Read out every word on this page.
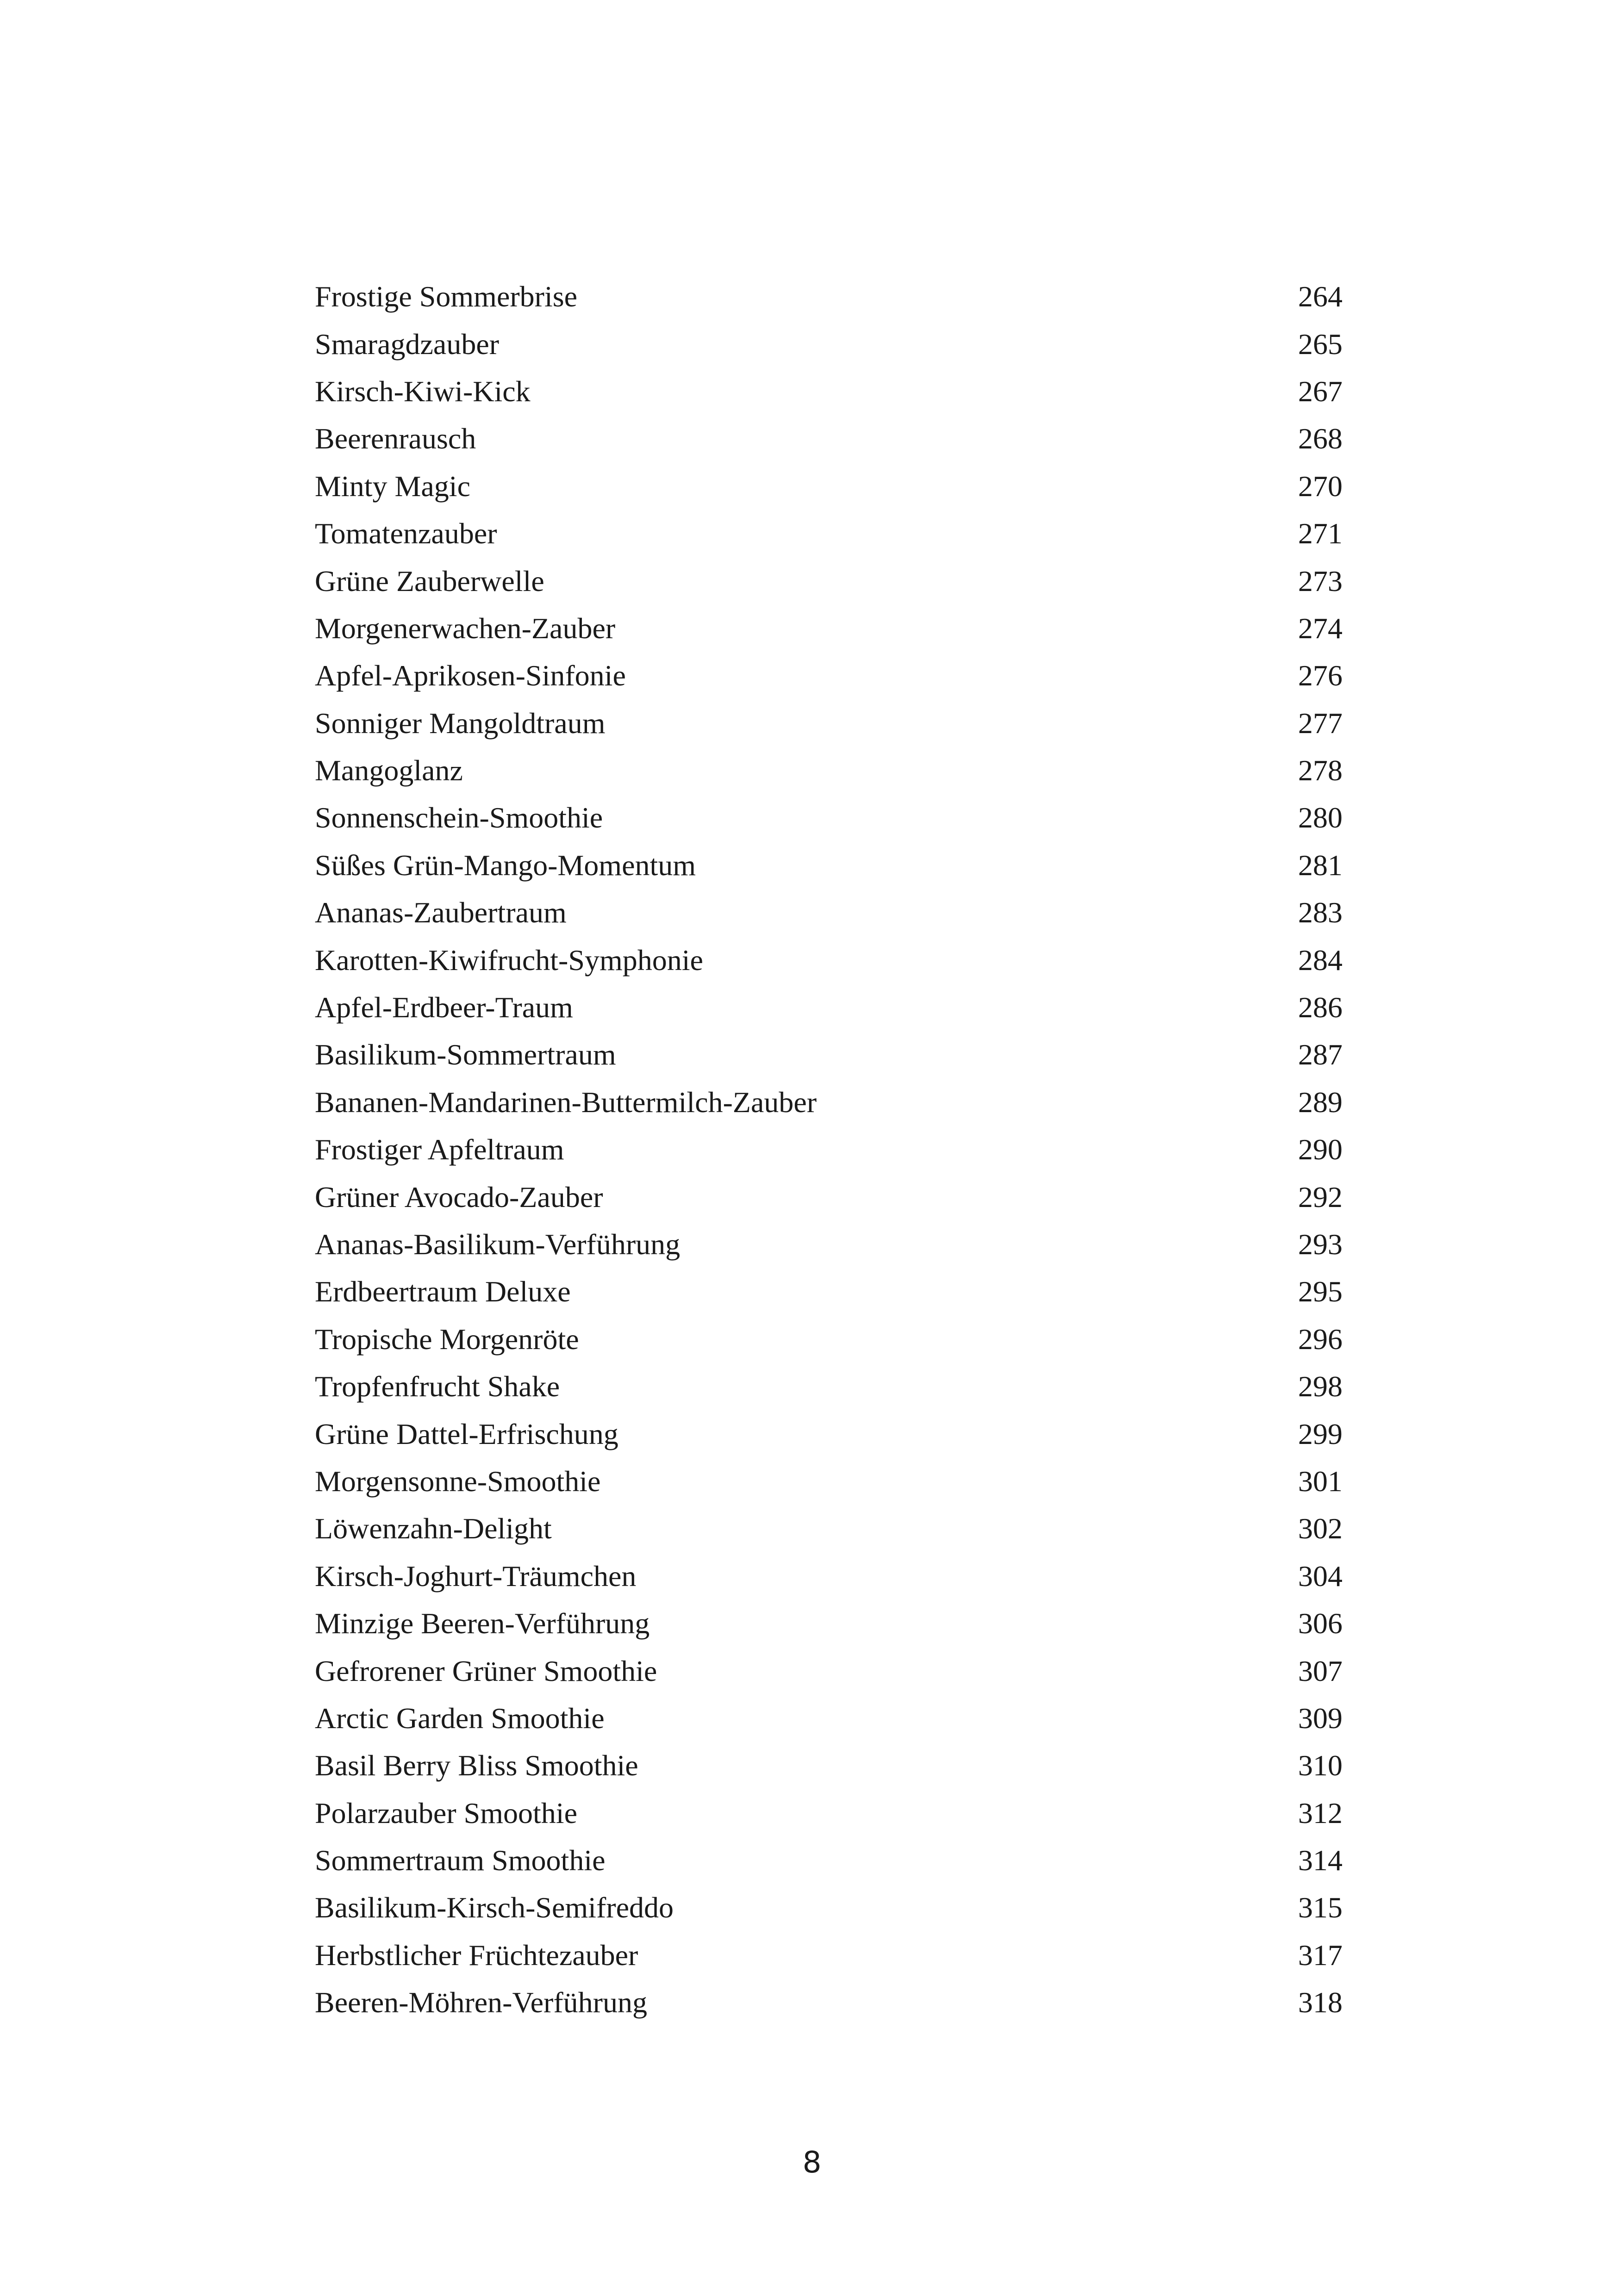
Frostige Sommerbrise	264
Smaragdzauber	265
Kirsch-Kiwi-Kick	267
Beerenrausch	268
Minty Magic	270
Tomatenzauber	271
Grüne Zauberwelle	273
Morgenerwachen-Zauber	274
Apfel-Aprikosen-Sinfonie	276
Sonniger Mangoldtraum	277
Mangoglanz	278
Sonnenschein-Smoothie	280
Süßes Grün-Mango-Momentum	281
Ananas-Zaubertraum	283
Karotten-Kiwifrucht-Symphonie	284
Apfel-Erdbeer-Traum	286
Basilikum-Sommertraum	287
Bananen-Mandarinen-Buttermilch-Zauber	289
Frostiger Apfeltraum	290
Grüner Avocado-Zauber	292
Ananas-Basilikum-Verführung	293
Erdbeertraum Deluxe	295
Tropische Morgenröte	296
Tropfenfrucht Shake	298
Grüne Dattel-Erfrischung	299
Morgensonne-Smoothie	301
Löwenzahn-Delight	302
Kirsch-Joghurt-Träumchen	304
Minzige Beeren-Verführung	306
Gefrorener Grüner Smoothie	307
Arctic Garden Smoothie	309
Basil Berry Bliss Smoothie	310
Polarzauber Smoothie	312
Sommertraum Smoothie	314
Basilikum-Kirsch-Semifreddo	315
Herbstlicher Früchtezauber	317
Beeren-Möhren-Verführung	318
8
